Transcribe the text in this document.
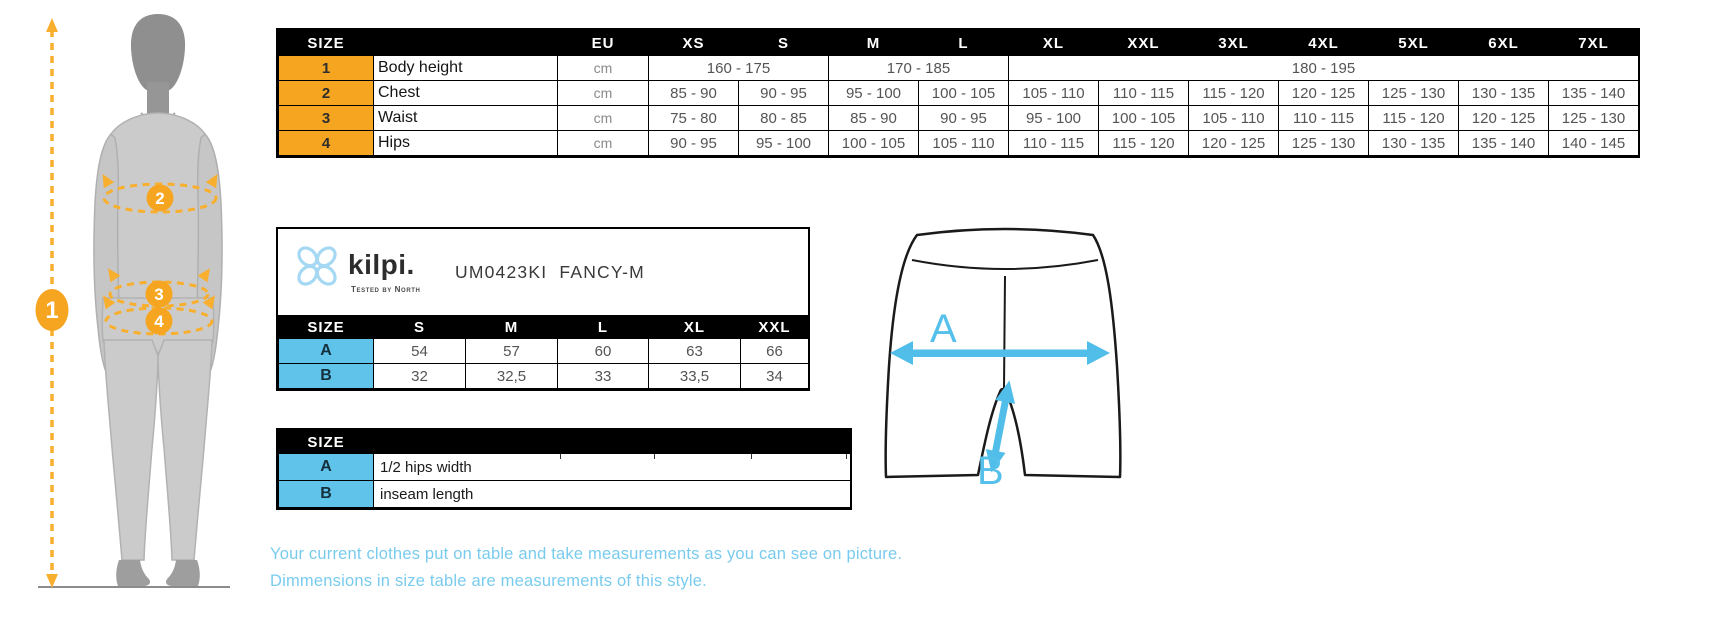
1
2
3
4
SIZE		EU	XS	S	M	L	XL	XXL	3XL	4XL	5XL	6XL	7XL
1	Body height	cm	160 - 175		170 - 185		180 - 195						
2	Chest	cm	85 - 90	90 - 95	95 - 100	100 - 105	105 - 110	110 - 115	115 - 120	120 - 125	125 - 130	130 - 135	135 - 140
3	Waist	cm	75 - 80	80 - 85	85 - 90	90 - 95	95 - 100	100 - 105	105 - 110	110 - 115	115 - 120	120 - 125	125 - 130
4	Hips	cm	90 - 95	95 - 100	100 - 105	105 - 110	110 - 115	115 - 120	120 - 125	125 - 130	130 - 135	135 - 140	140 - 145
kilpi.
Tested by North
UM0423KI  FANCY-M
SIZE	S	M	L	XL	XXL
A	54	57	60	63	66
B	32	32,5	33	33,5	34
SIZE	
A	1/2 hips width

B	inseam length
A
B
Your current clothes put on table and take measurements as you can see on picture.
Dimmensions in size table are measurements of this style.
